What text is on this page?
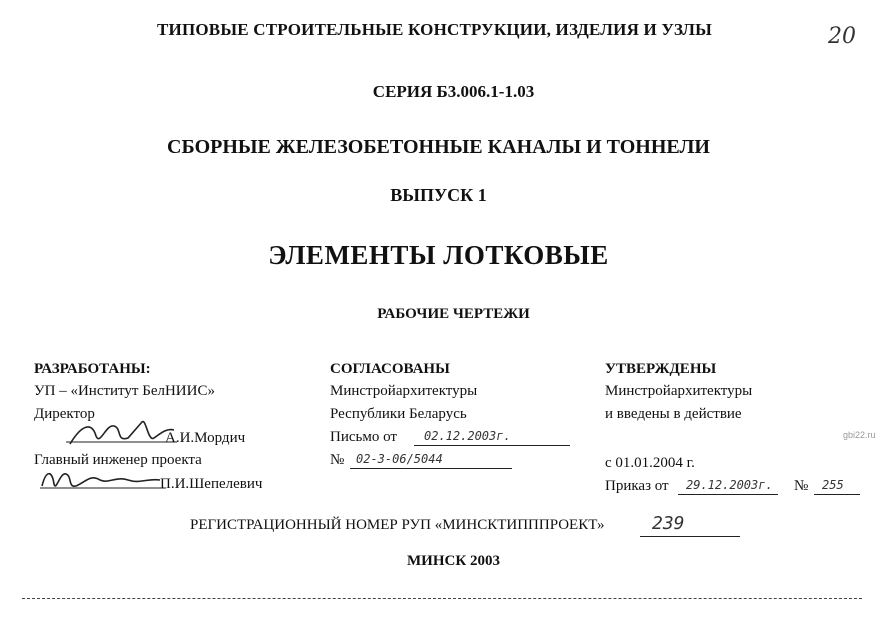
ТИПОВЫЕ СТРОИТЕЛЬНЫЕ КОНСТРУКЦИИ, ИЗДЕЛИЯ И УЗЛЫ	20
СЕРИЯ Б3.006.1-1.03
СБОРНЫЕ ЖЕЛЕЗОБЕТОННЫЕ КАНАЛЫ И ТОННЕЛИ
ВЫПУСК 1
ЭЛЕМЕНТЫ ЛОТКОВЫЕ
РАБОЧИЕ ЧЕРТЕЖИ
РАЗРАБОТАНЫ:
УП – «Институт БелНИИС»
Директор
А.И.Мордич
Главный инженер проекта
П.И.Шепелевич
СОГЛАСОВАНЫ
Минстройархитектуры
Республики Беларусь
Письмо от 02.12.2003г.
№ 02-3-06/5044
УТВЕРЖДЕНЫ
Минстройархитектуры
и введены в действие
gbi22.ru
с 01.01.2004 г.
Приказ от 29.12.2003г. № 255
РЕГИСТРАЦИОННЫЙ НОМЕР РУП «МИНСКТИПППРОЕКТ»	239
МИНСК 2003
